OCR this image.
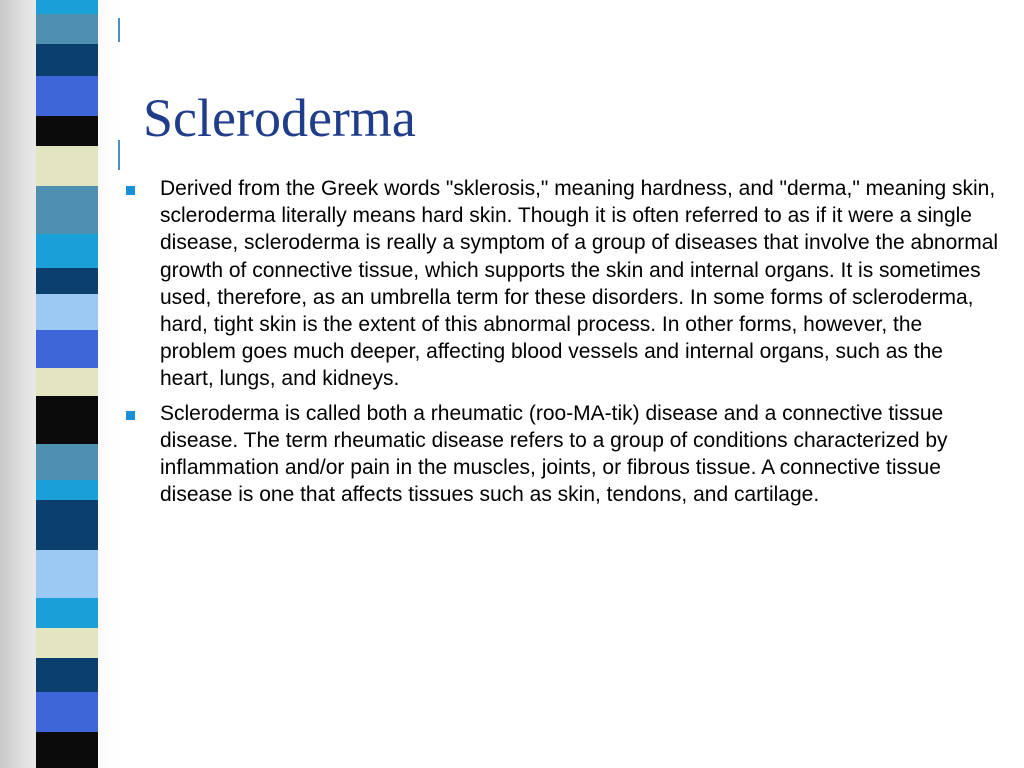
Scleroderma
Derived from the Greek words "sklerosis," meaning hardness, and "derma," meaning skin, scleroderma literally means hard skin. Though it is often referred to as if it were a single disease, scleroderma is really a symptom of a group of diseases that involve the abnormal growth of connective tissue, which supports the skin and internal organs. It is sometimes used, therefore, as an umbrella term for these disorders. In some forms of scleroderma, hard, tight skin is the extent of this abnormal process. In other forms, however, the problem goes much deeper, affecting blood vessels and internal organs, such as the heart, lungs, and kidneys.
Scleroderma is called both a rheumatic (roo-MA-tik) disease and a connective tissue disease. The term rheumatic disease refers to a group of conditions characterized by inflammation and/or pain in the muscles, joints, or fibrous tissue. A connective tissue disease is one that affects tissues such as skin, tendons, and cartilage.
